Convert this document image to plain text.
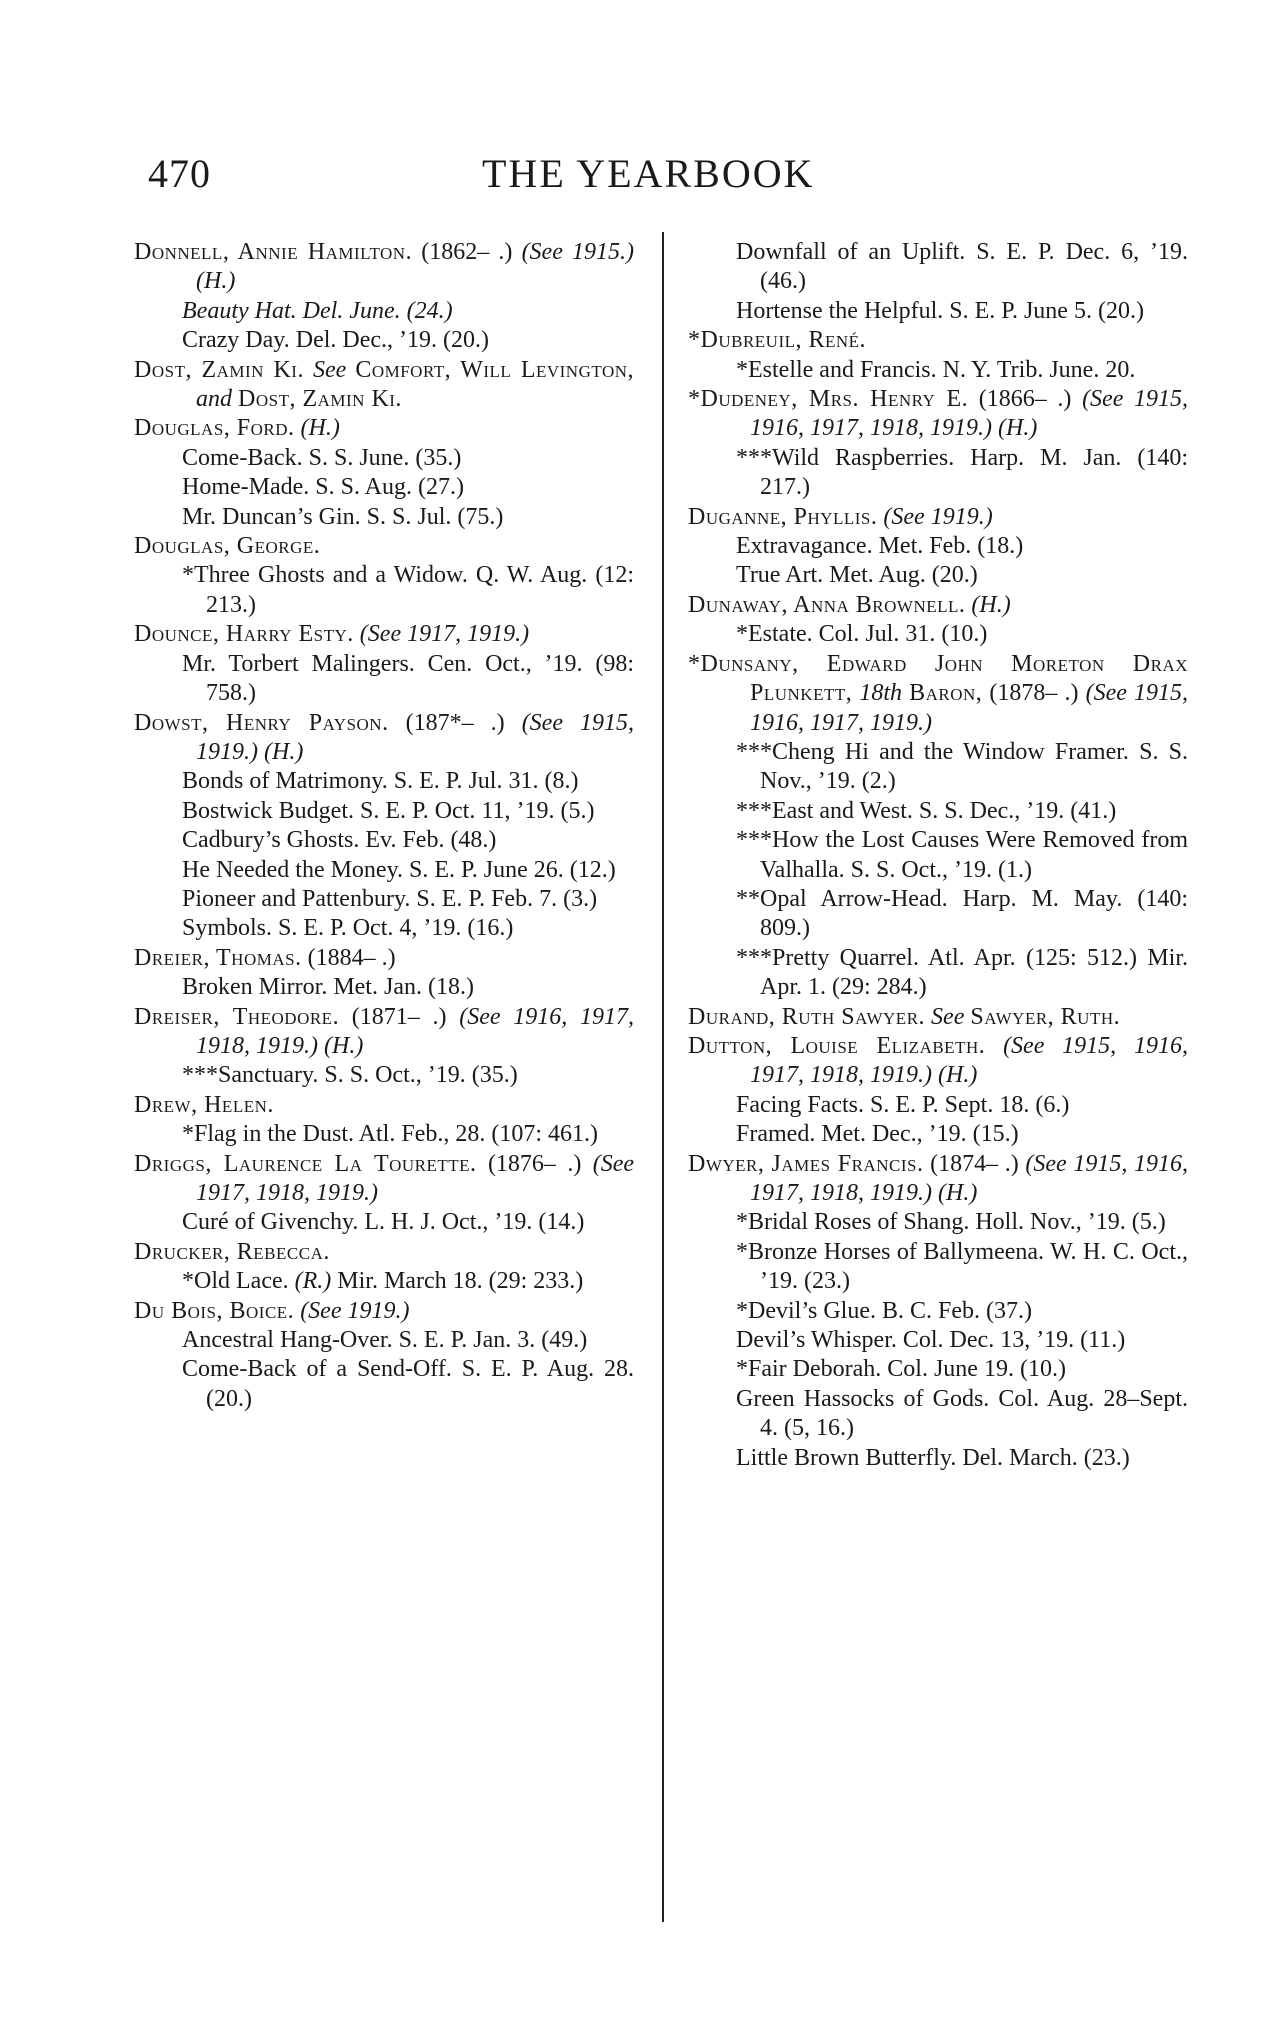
470	THE YEARBOOK

Donnell, Annie Hamilton. (1862– .) (See 1915.) (H.)

Beauty Hat. Del. June. (24.)

Crazy Day. Del. Dec., ’19. (20.)

Dost, Zamin Ki. See Comfort, Will Levington, and Dost, Zamin Ki.

Douglas, Ford. (H.)

Come-Back. S. S. June. (35.)

Home-Made. S. S. Aug. (27.)

Mr. Duncan’s Gin. S. S. Jul. (75.)

Douglas, George.

*Three Ghosts and a Widow. Q. W. Aug. (12: 213.)

Dounce, Harry Esty. (See 1917, 1919.)

Mr. Torbert Malingers. Cen. Oct., ’19. (98: 758.)

Dowst, Henry Payson. (187*– .) (See 1915, 1919.) (H.)

Bonds of Matrimony. S. E. P. Jul. 31. (8.)

Bostwick Budget. S. E. P. Oct. 11, ’19. (5.)

Cadbury’s Ghosts. Ev. Feb. (48.)

He Needed the Money. S. E. P. June 26. (12.)

Pioneer and Pattenbury. S. E. P. Feb. 7. (3.)

Symbols. S. E. P. Oct. 4, ’19. (16.)

Dreier, Thomas. (1884– .)

Broken Mirror. Met. Jan. (18.)

Dreiser, Theodore. (1871– .) (See 1916, 1917, 1918, 1919.) (H.)

***Sanctuary. S. S. Oct., ’19. (35.)

Drew, Helen.

*Flag in the Dust. Atl. Feb., 28. (107: 461.)

Driggs, Laurence La Tourette. (1876– .) (See 1917, 1918, 1919.)

Curé of Givenchy. L. H. J. Oct., ’19. (14.)

Drucker, Rebecca.

*Old Lace. (R.) Mir. March 18. (29: 233.)

Du Bois, Boice. (See 1919.)

Ancestral Hang-Over. S. E. P. Jan. 3. (49.)

Come-Back of a Send-Off. S. E. P. Aug. 28. (20.)

Downfall of an Uplift. S. E. P. Dec. 6, ’19. (46.)

Hortense the Helpful. S. E. P. June 5. (20.)

*Dubreuil, René.

*Estelle and Francis. N. Y. Trib. June. 20.

*Dudeney, Mrs. Henry E. (1866– .) (See 1915, 1916, 1917, 1918, 1919.) (H.)

***Wild Raspberries. Harp. M. Jan. (140: 217.)

Duganne, Phyllis. (See 1919.)

Extravagance. Met. Feb. (18.)

True Art. Met. Aug. (20.)

Dunaway, Anna Brownell. (H.)

*Estate. Col. Jul. 31. (10.)

*Dunsany, Edward John Moreton Drax Plunkett, 18th Baron, (1878– .) (See 1915, 1916, 1917, 1919.)

***Cheng Hi and the Window Framer. S. S. Nov., ’19. (2.)

***East and West. S. S. Dec., ’19. (41.)

***How the Lost Causes Were Removed from Valhalla. S. S. Oct., ’19. (1.)

**Opal Arrow-Head. Harp. M. May. (140: 809.)

***Pretty Quarrel. Atl. Apr. (125: 512.) Mir. Apr. 1. (29: 284.)

Durand, Ruth Sawyer. See Sawyer, Ruth.

Dutton, Louise Elizabeth. (See 1915, 1916, 1917, 1918, 1919.) (H.)

Facing Facts. S. E. P. Sept. 18. (6.)

Framed. Met. Dec., ’19. (15.)

Dwyer, James Francis. (1874– .) (See 1915, 1916, 1917, 1918, 1919.) (H.)

*Bridal Roses of Shang. Holl. Nov., ’19. (5.)

*Bronze Horses of Ballymeena. W. H. C. Oct., ’19. (23.)

*Devil’s Glue. B. C. Feb. (37.)

Devil’s Whisper. Col. Dec. 13, ’19. (11.)

*Fair Deborah. Col. June 19. (10.)

Green Hassocks of Gods. Col. Aug. 28–Sept. 4. (5, 16.)

Little Brown Butterfly. Del. March. (23.)
